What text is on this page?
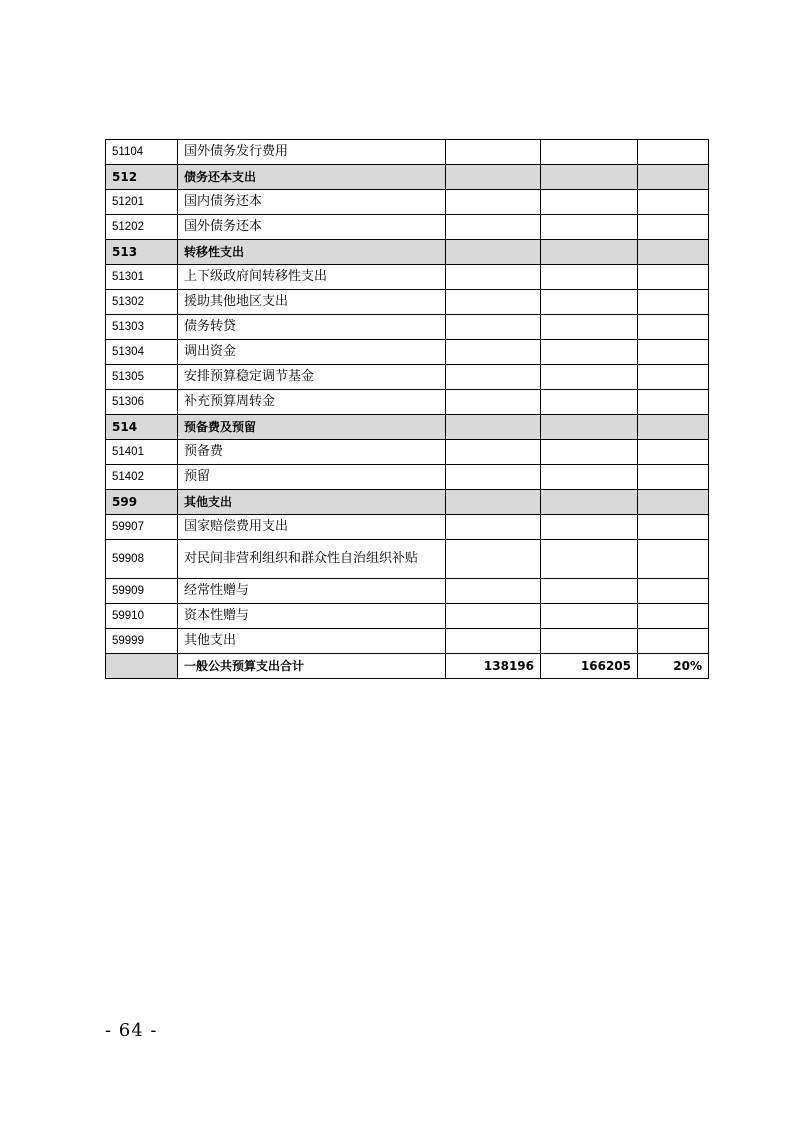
51104	国外债务发行费用			
512	债务还本支出			
51201	国内债务还本			
51202	国外债务还本			
513	转移性支出			
51301	上下级政府间转移性支出			
51302	援助其他地区支出			
51303	债务转贷			
51304	调出资金			
51305	安排预算稳定调节基金			
51306	补充预算周转金			
514	预备费及预留			
51401	预备费			
51402	预留			
599	其他支出			
59907	国家赔偿费用支出			
59908	对民间非营利组织和群众性自治组织补贴			
59909	经常性赠与			
59910	资本性赠与			
59999	其他支出			
	一般公共预算支出合计	138196	166205	20%
- 64 -
